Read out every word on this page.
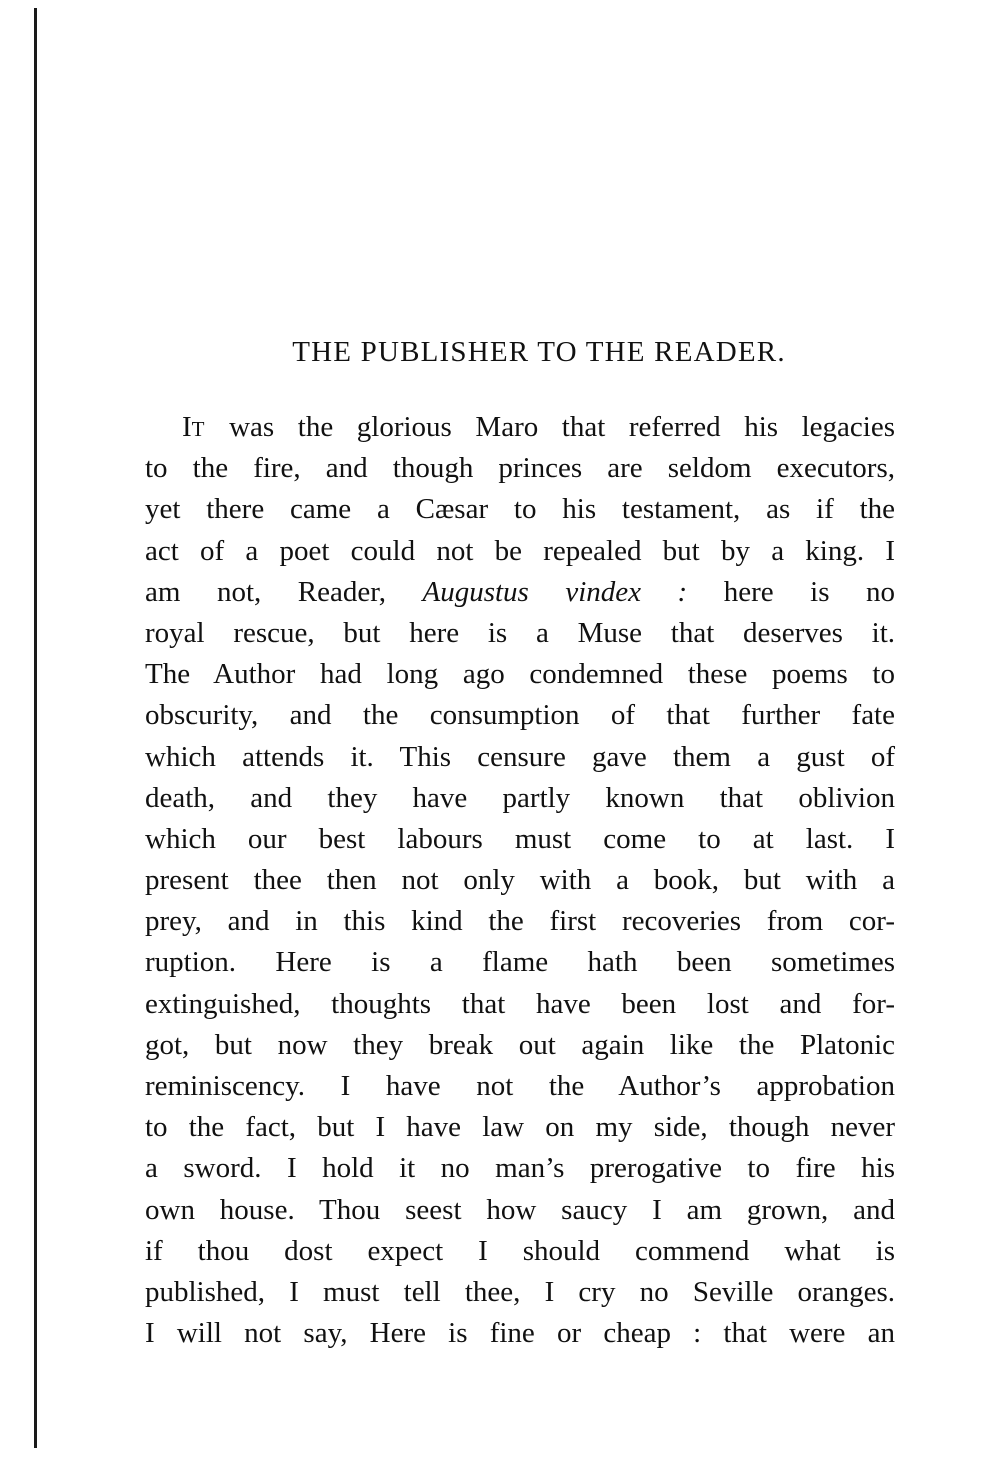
THE PUBLISHER TO THE READER.
IT was the glorious Maro that referred his legacies
to the fire, and though princes are seldom executors,
yet there came a Cæsar to his testament, as if the
act of a poet could not be repealed but by a king. I
am not, Reader, Augustus vindex : here is no
royal rescue, but here is a Muse that deserves it.
The Author had long ago condemned these poems to
obscurity, and the consumption of that further fate
which attends it. This censure gave them a gust of
death, and they have partly known that oblivion
which our best labours must come to at last. I
present thee then not only with a book, but with a
prey, and in this kind the first recoveries from cor-
ruption. Here is a flame hath been sometimes
extinguished, thoughts that have been lost and for-
got, but now they break out again like the Platonic
reminiscency. I have not the Author’s approbation
to the fact, but I have law on my side, though never
a sword. I hold it no man’s prerogative to fire his
own house. Thou seest how saucy I am grown, and
if thou dost expect I should commend what is
published, I must tell thee, I cry no Seville oranges.
I will not say, Here is fine or cheap : that were an
